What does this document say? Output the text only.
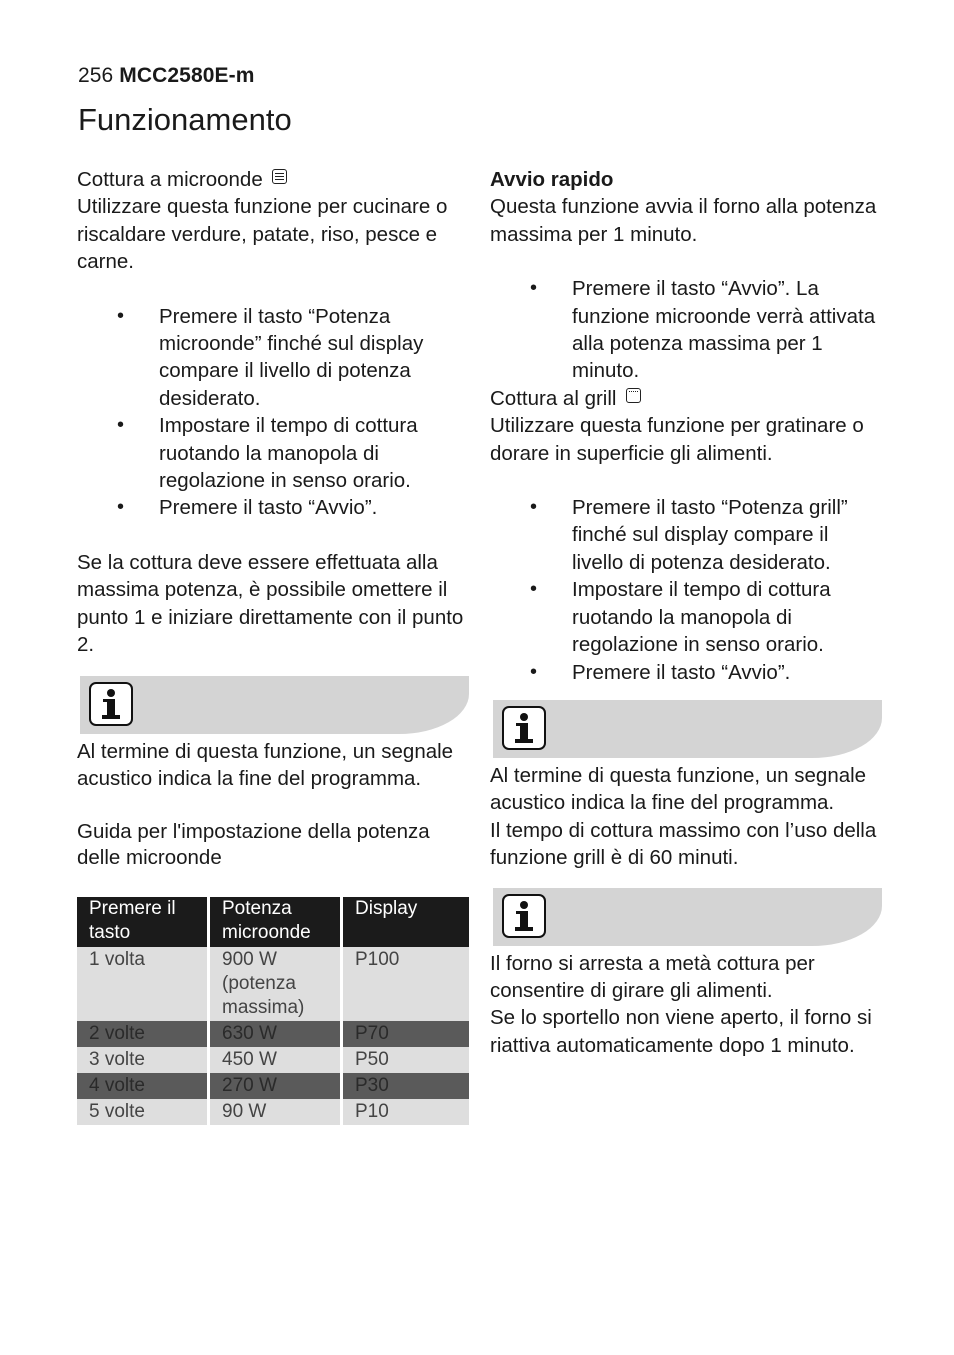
256 MCC2580E-m
Funzionamento

Cottura a microonde

Utilizzare questa funzione per cucinare o riscaldare verdure, patate, riso, pesce e carne.

• Premere il tasto “Potenza microonde” finché sul display compare il livello di potenza desiderato.
• Impostare il tempo di cottura ruotando la manopola di regolazione in senso orario.
• Premere il tasto “Avvio”.

Se la cottura deve essere effettuata alla massima potenza, è possibile omettere il punto 1 e iniziare direttamente con il punto 2.

Al termine di questa funzione, un segnale acustico indica la fine del programma.

Guida per l'impostazione della potenza delle microonde

Premere il tasto	Potenza microonde	Display
1 volta	900 W (potenza massima)	P100
2 volte	630 W	P70
3 volte	450 W	P50
4 volte	270 W	P30
5 volte	90 W	P10

Avvio rapido

Questa funzione avvia il forno alla potenza massima per 1 minuto.

• Premere il tasto “Avvio”. La funzione microonde verrà attivata alla potenza massima per 1 minuto.

Cottura al grill

Utilizzare questa funzione per gratinare o dorare in superficie gli alimenti.

• Premere il tasto “Potenza grill” finché sul display compare il livello di potenza desiderato.
• Impostare il tempo di cottura ruotando la manopola di regolazione in senso orario.
• Premere il tasto “Avvio”.

Al termine di questa funzione, un segnale acustico indica la fine del programma.

Il tempo di cottura massimo con l’uso della funzione grill è di 60 minuti.

Il forno si arresta a metà cottura per consentire di girare gli alimenti.

Se lo sportello non viene aperto, il forno si riattiva automaticamente dopo 1 minuto.
